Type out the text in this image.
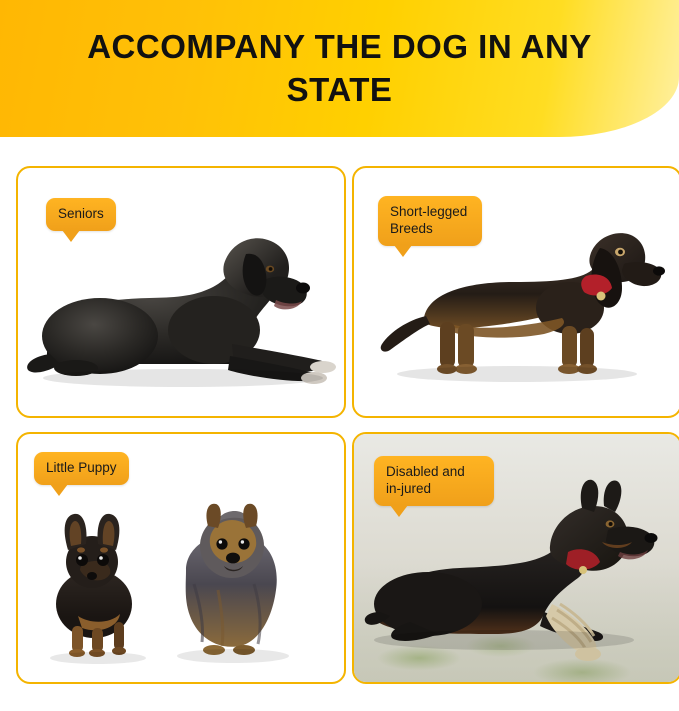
ACCOMPANY THE DOG IN ANY STATE
Seniors	Short-legged Breeds
Little Puppy	Disabled and in-jured
